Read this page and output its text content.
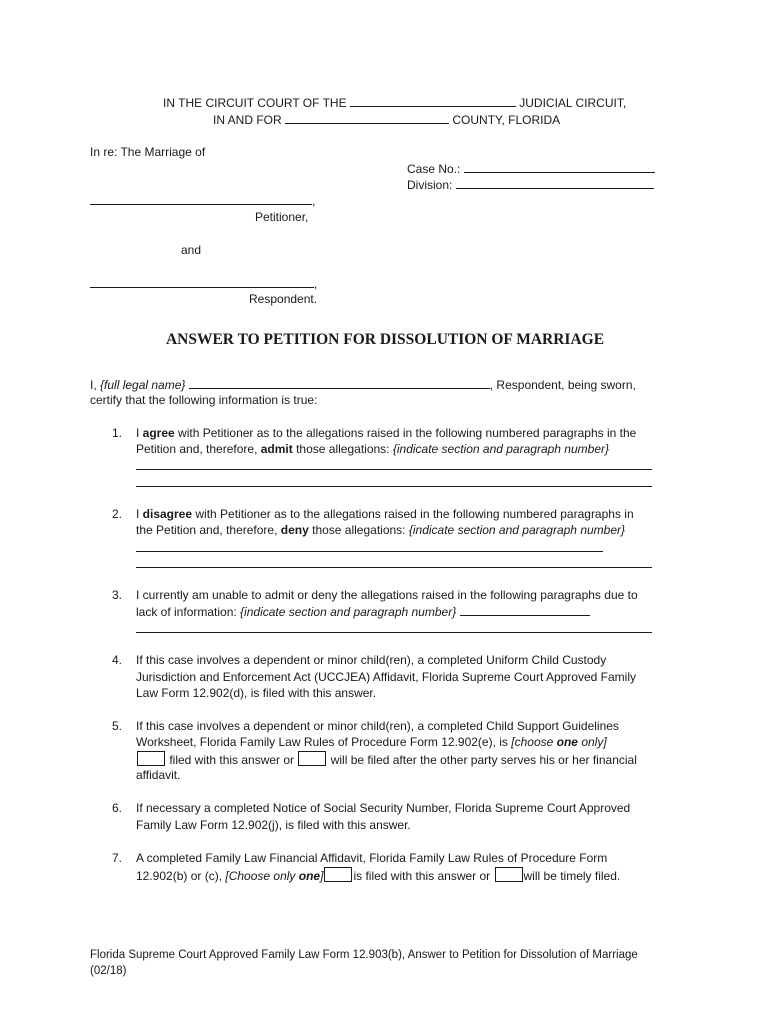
IN THE CIRCUIT COURT OF THE	JUDICIAL CIRCUIT,
IN AND FOR	COUNTY, FLORIDA
In re: The Marriage of
Case No.:
Division:
,
Petitioner,
and
,
Respondent.
ANSWER TO PETITION FOR DISSOLUTION OF MARRIAGE
I, {full legal name}	, Respondent, being sworn,
certify that the following information is true:
1. I agree with Petitioner as to the allegations raised in the following numbered paragraphs in the
Petition and, therefore, admit those allegations: {indicate section and paragraph number}
2. I disagree with Petitioner as to the allegations raised in the following numbered paragraphs in
the Petition and, therefore, deny those allegations: {indicate section and paragraph number}
3. I currently am unable to admit or deny the allegations raised in the following paragraphs due to
lack of information: {indicate section and paragraph number}
4. If this case involves a dependent or minor child(ren), a completed Uniform Child Custody
Jurisdiction and Enforcement Act (UCCJEA) Affidavit, Florida Supreme Court Approved Family
Law Form 12.902(d), is filed with this answer.
5. If this case involves a dependent or minor child(ren), a completed Child Support Guidelines
Worksheet, Florida Family Law Rules of Procedure Form 12.902(e), is [choose one only]
filed with this answer or	will be filed after the other party serves his or her financial
affidavit.
6. If necessary a completed Notice of Social Security Number, Florida Supreme Court Approved
Family Law Form 12.902(j), is filed with this answer.
7. A completed Family Law Financial Affidavit, Florida Family Law Rules of Procedure Form
12.902(b) or (c), [Choose only one]	is filed with this answer or	will be timely filed.
Florida Supreme Court Approved Family Law Form 12.903(b), Answer to Petition for Dissolution of Marriage
(02/18)
